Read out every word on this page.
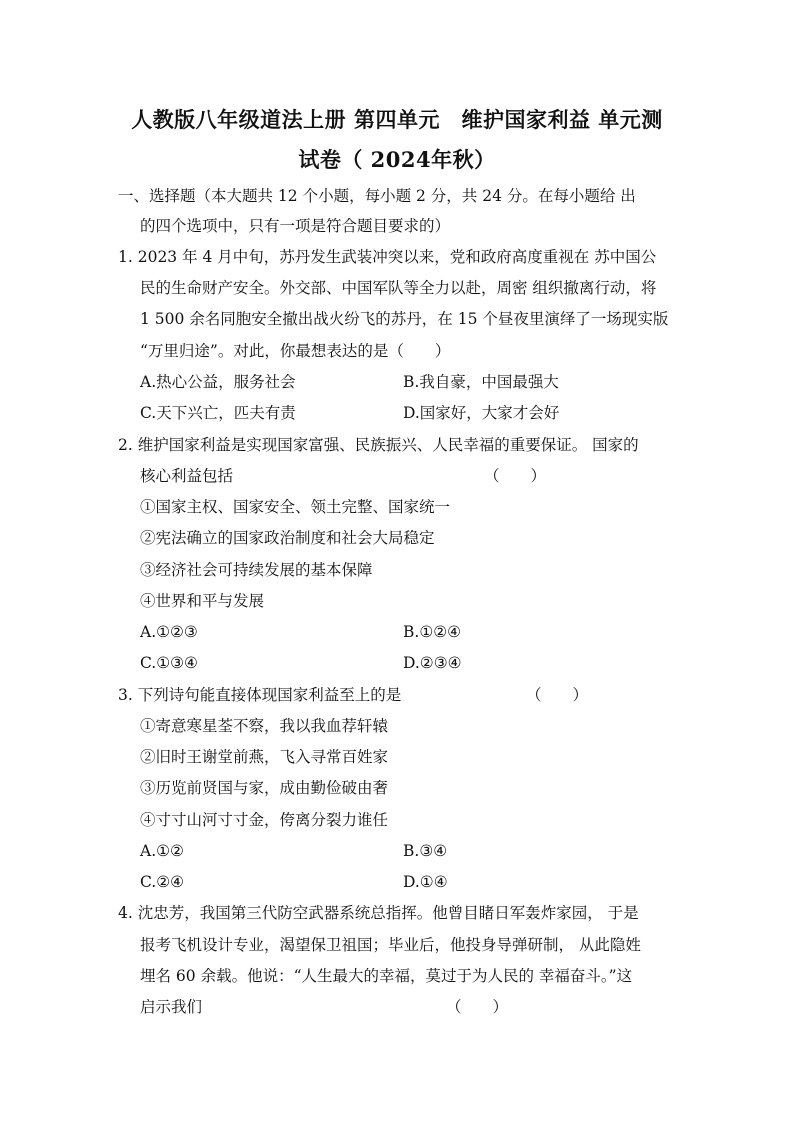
人教版八年级道法上册 第四单元　维护国家利益 单元测
试卷（ 2024年秋）
一、选择题（本大题共 12 个小题，每小题 2 分，共 24 分。在每小题给 出
的四个选项中，只有一项是符合题目要求的）
1. 2023 年 4 月中旬，苏丹发生武装冲突以来，党和政府高度重视在 苏中国公
民的生命财产安全。外交部、中国军队等全力以赴，周密 组织撤离行动，将
1 500 余名同胞安全撤出战火纷飞的苏丹，在 15 个昼夜里演绎了一场现实版
“万里归途”。对此，你最想表达的是（　　）
A.热心公益，服务社会	B.我自豪，中国最强大
C.天下兴亡，匹夫有责	D.国家好，大家才会好
2. 维护国家利益是实现国家富强、民族振兴、人民幸福的重要保证。 国家的
核心利益包括	（　　）
①国家主权、国家安全、领土完整、国家统一
②宪法确立的国家政治制度和社会大局稳定
③经济社会可持续发展的基本保障
④世界和平与发展
A.①②③	B.①②④
C.①③④	D.②③④
3. 下列诗句能直接体现国家利益至上的是	（　　）
①寄意寒星荃不察，我以我血荐轩辕
②旧时王谢堂前燕，飞入寻常百姓家
③历览前贤国与家，成由勤俭破由奢
④寸寸山河寸寸金，侉离分裂力谁任
A.①②	B.③④
C.②④	D.①④
4. 沈忠芳，我国第三代防空武器系统总指挥。他曾目睹日军轰炸家园， 于是
报考飞机设计专业，渴望保卫祖国；毕业后，他投身导弹研制， 从此隐姓
埋名 60 余载。他说：“人生最大的幸福，莫过于为人民的 幸福奋斗。”这
启示我们	（　　）
